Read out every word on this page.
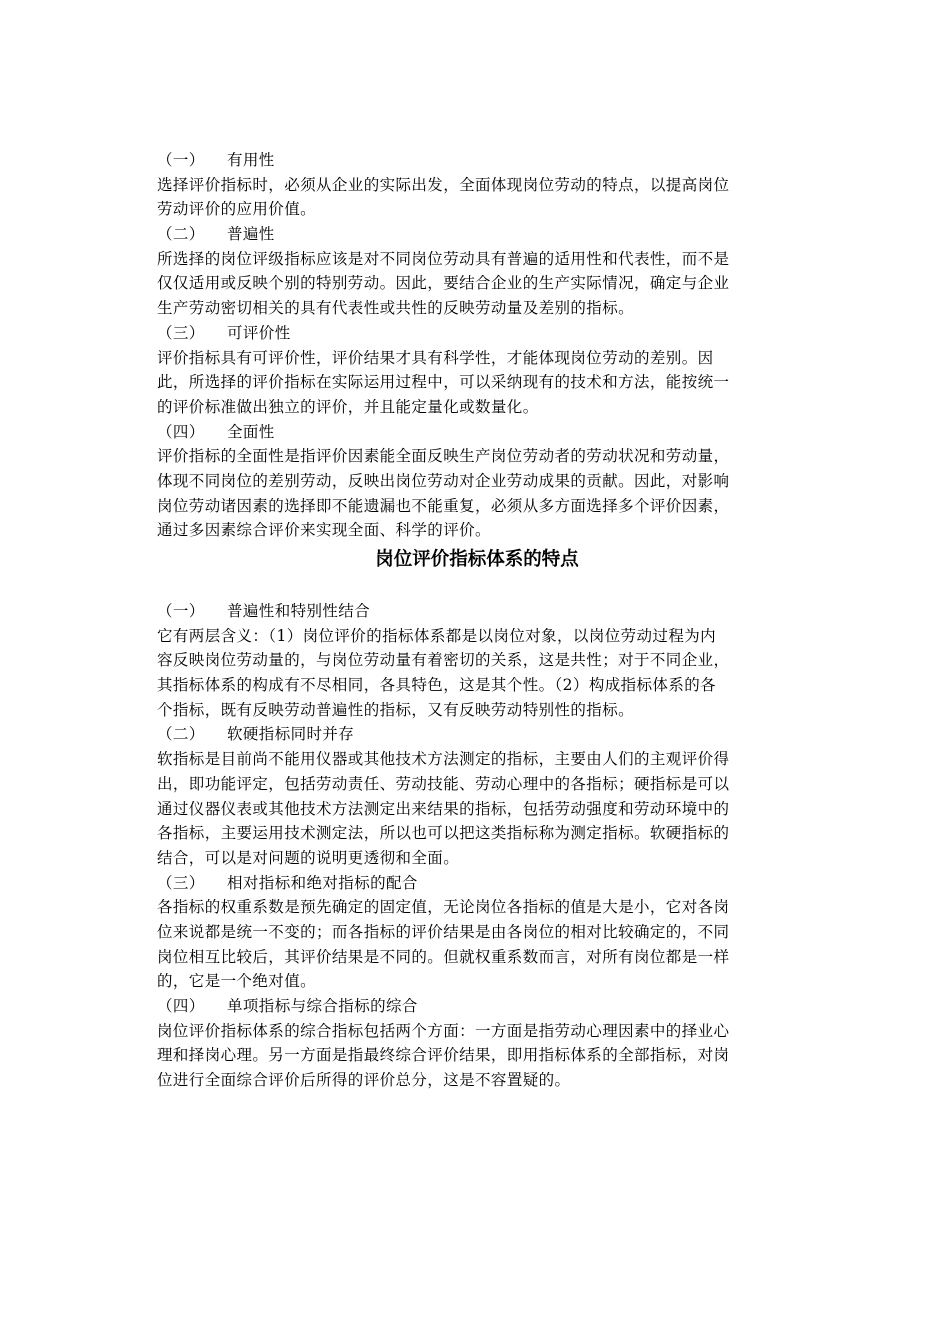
（一） 有用性
选择评价指标时，必须从企业的实际出发，全面体现岗位劳动的特点，以提高岗位
劳动评价的应用价值。
（二） 普遍性
所选择的岗位评级指标应该是对不同岗位劳动具有普遍的适用性和代表性，而不是
仅仅适用或反映个别的特别劳动。因此，要结合企业的生产实际情况，确定与企业
生产劳动密切相关的具有代表性或共性的反映劳动量及差别的指标。
（三） 可评价性
评价指标具有可评价性，评价结果才具有科学性，才能体现岗位劳动的差别。因
此，所选择的评价指标在实际运用过程中，可以采纳现有的技术和方法，能按统一
的评价标准做出独立的评价，并且能定量化或数量化。
（四） 全面性
评价指标的全面性是指评价因素能全面反映生产岗位劳动者的劳动状况和劳动量，
体现不同岗位的差别劳动，反映出岗位劳动对企业劳动成果的贡献。因此，对影响
岗位劳动诸因素的选择即不能遗漏也不能重复，必须从多方面选择多个评价因素，
通过多因素综合评价来实现全面、科学的评价。
岗位评价指标体系的特点
（一） 普遍性和特别性结合
它有两层含义：（1）岗位评价的指标体系都是以岗位对象，以岗位劳动过程为内
容反映岗位劳动量的，与岗位劳动量有着密切的关系，这是共性；对于不同企业，
其指标体系的构成有不尽相同，各具特色，这是其个性。（2）构成指标体系的各
个指标，既有反映劳动普遍性的指标，又有反映劳动特别性的指标。
（二） 软硬指标同时并存
软指标是目前尚不能用仪器或其他技术方法测定的指标，主要由人们的主观评价得
出，即功能评定，包括劳动责任、劳动技能、劳动心理中的各指标；硬指标是可以
通过仪器仪表或其他技术方法测定出来结果的指标，包括劳动强度和劳动环境中的
各指标，主要运用技术测定法，所以也可以把这类指标称为测定指标。软硬指标的
结合，可以是对问题的说明更透彻和全面。
（三） 相对指标和绝对指标的配合
各指标的权重系数是预先确定的固定值，无论岗位各指标的值是大是小，它对各岗
位来说都是统一不变的；而各指标的评价结果是由各岗位的相对比较确定的，不同
岗位相互比较后，其评价结果是不同的。但就权重系数而言，对所有岗位都是一样
的，它是一个绝对值。
（四） 单项指标与综合指标的综合
岗位评价指标体系的综合指标包括两个方面：一方面是指劳动心理因素中的择业心
理和择岗心理。另一方面是指最终综合评价结果，即用指标体系的全部指标，对岗
位进行全面综合评价后所得的评价总分，这是不容置疑的。
